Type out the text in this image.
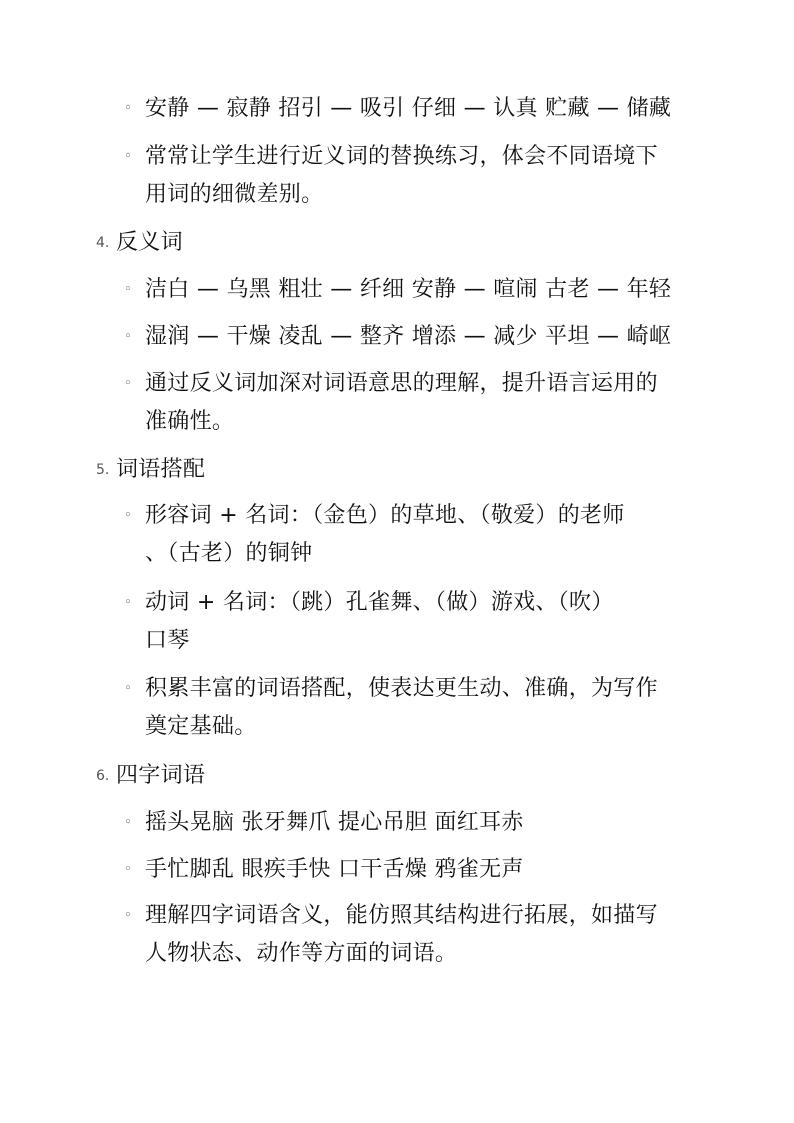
◦ 安静 — 寂静 招引 — 吸引 仔细 — 认真 贮藏 — 储藏
◦ 常常让学生进行近义词的替换练习，体会不同语境下
用词的细微差别。
4. 反义词
◦ 洁白 — 乌黑 粗壮 — 纤细 安静 — 喧闹 古老 — 年轻
◦ 湿润 — 干燥 凌乱 — 整齐 增添 — 减少 平坦 — 崎岖
◦ 通过反义词加深对词语意思的理解，提升语言运用的
准确性。
5. 词语搭配
◦ 形容词 + 名词：（金色）的草地、（敬爱）的老师
、（古老）的铜钟
◦ 动词 + 名词：（跳）孔雀舞、（做）游戏、（吹）
口琴
◦ 积累丰富的词语搭配，使表达更生动、准确，为写作
奠定基础。
6. 四字词语
◦ 摇头晃脑 张牙舞爪 提心吊胆 面红耳赤
◦ 手忙脚乱 眼疾手快 口干舌燥 鸦雀无声
◦ 理解四字词语含义，能仿照其结构进行拓展，如描写
人物状态、动作等方面的词语。
